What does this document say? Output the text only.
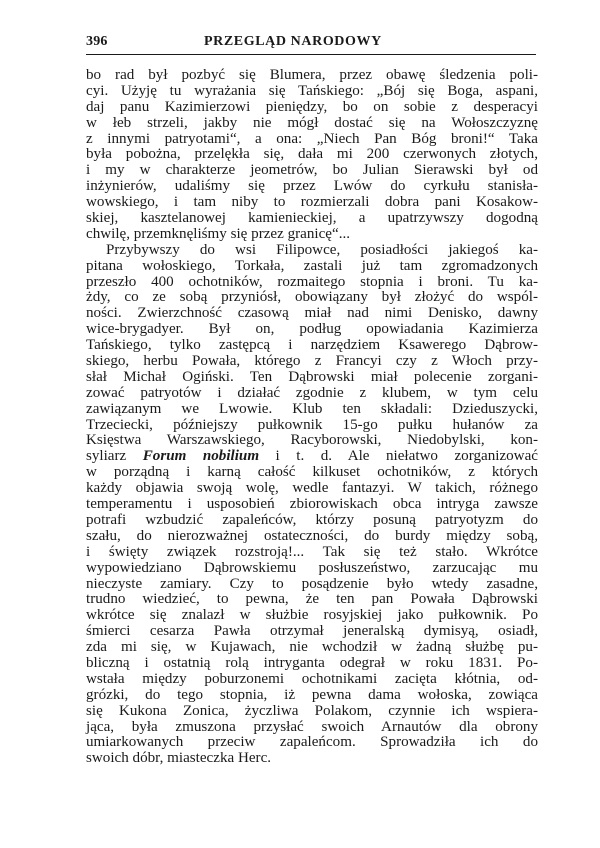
396	PRZEGLĄD NARODOWY
bo rad był pozbyć się Blumera, przez obawę śledzenia poli-
cyi. Użyję tu wyrażania się Tańskiego: „Bój się Boga, aspani,
daj panu Kazimierzowi pieniędzy, bo on sobie z desperacyi
w łeb strzeli, jakby nie mógł dostać się na Wołoszczyznę
z innymi patryotami“, a ona: „Niech Pan Bóg broni!“ Taka
była pobożna, przelękła się, dała mi 200 czerwonych złotych,
i my w charakterze jeometrów, bo Julian Sierawski był od
inżynierów, udaliśmy się przez Lwów do cyrkułu stanisła-
wowskiego, i tam niby to rozmierzali dobra pani Kosakow-
skiej, kasztelanowej kamienieckiej, a upatrzywszy dogodną
chwilę, przemknęliśmy się przez granicę“...
Przybywszy do wsi Filipowce, posiadłości jakiegoś ka-
pitana wołoskiego, Torkała, zastali już tam zgromadzonych
przeszło 400 ochotników, rozmaitego stopnia i broni. Tu ka-
żdy, co ze sobą przyniósł, obowiązany był złożyć do wspól-
ności. Zwierzchność czasową miał nad nimi Denisko, dawny
wice-brygadyer. Był on, podług opowiadania Kazimierza
Tańskiego, tylko zastępcą i narzędziem Ksawerego Dąbrow-
skiego, herbu Powała, którego z Francyi czy z Włoch przy-
słał Michał Ogiński. Ten Dąbrowski miał polecenie zorgani-
zować patryotów i działać zgodnie z klubem, w tym celu
zawiązanym we Lwowie. Klub ten składali: Dzieduszycki,
Trzeciecki, późniejszy pułkownik 15-go pułku hułanów za
Księstwa Warszawskiego, Racyborowski, Niedobylski, kon-
syliarz Forum nobilium i t. d. Ale niełatwo zorganizować
w porządną i karną całość kilkuset ochotników, z których
każdy objawia swoją wolę, wedle fantazyi. W takich, różnego
temperamentu i usposobień zbiorowiskach obca intryga zawsze
potrafi wzbudzić zapaleńców, którzy posuną patryotyzm do
szału, do nierozważnej ostateczności, do burdy między sobą,
i święty związek rozstroją!... Tak się też stało. Wkrótce
wypowiedziano Dąbrowskiemu posłuszeństwo, zarzucając mu
nieczyste zamiary. Czy to posądzenie było wtedy zasadne,
trudno wiedzieć, to pewna, że ten pan Powała Dąbrowski
wkrótce się znalazł w służbie rosyjskiej jako pułkownik. Po
śmierci cesarza Pawła otrzymał jeneralską dymisyą, osiadł,
zda mi się, w Kujawach, nie wchodził w żadną służbę pu-
bliczną i ostatnią rolą intryganta odegrał w roku 1831. Po-
wstała między poburzonemi ochotnikami zacięta kłótnia, od-
grózki, do tego stopnia, iż pewna dama wołoska, zowiąca
się Kukona Zonica, życzliwa Polakom, czynnie ich wspiera-
jąca, była zmuszona przysłać swoich Arnautów dla obrony
umiarkowanych przeciw zapaleńcom. Sprowadziła ich do
swoich dóbr, miasteczka Herc.
